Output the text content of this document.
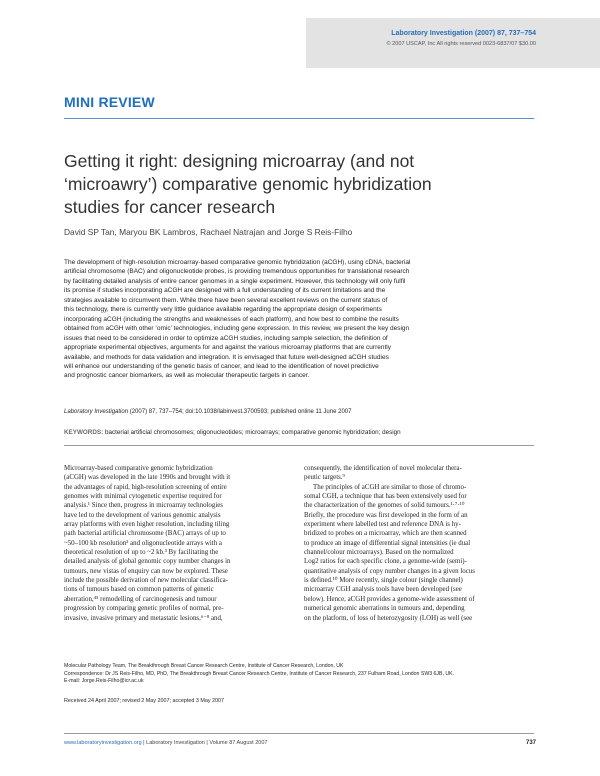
Laboratory Investigation (2007) 87, 737–754
© 2007 USCAP, Inc All rights reserved 0023-6837/07 $30.00
MINI REVIEW
Getting it right: designing microarray (and not
‘microawry’) comparative genomic hybridization
studies for cancer research
David SP Tan, Maryou BK Lambros, Rachael Natrajan and Jorge S Reis-Filho
The development of high-resolution microarray-based comparative genomic hybridization (aCGH), using cDNA, bacterial
artificial chromosome (BAC) and oligonucleotide probes, is providing tremendous opportunities for translational research
by facilitating detailed analysis of entire cancer genomes in a single experiment. However, this technology will only fulfil
its promise if studies incorporating aCGH are designed with a full understanding of its current limitations and the
strategies available to circumvent them. While there have been several excellent reviews on the current status of
this technology, there is currently very little guidance available regarding the appropriate design of experiments
incorporating aCGH (including the strengths and weaknesses of each platform), and how best to combine the results
obtained from aCGH with other ‘omic’ technologies, including gene expression. In this review, we present the key design
issues that need to be considered in order to optimize aCGH studies, including sample selection, the definition of
appropriate experimental objectives, arguments for and against the various microarray platforms that are currently
available, and methods for data validation and integration. It is envisaged that future well-designed aCGH studies
will enhance our understanding of the genetic basis of cancer, and lead to the identification of novel predictive
and prognostic cancer biomarkers, as well as molecular therapeutic targets in cancer.
Laboratory Investigation (2007) 87, 737–754; doi:10.1038/labinvest.3700593; published online 11 June 2007
KEYWORDS: bacterial artificial chromosomes; oligonucleotides; microarrays; comparative genomic hybridization; design
Microarray-based comparative genomic hybridization
(aCGH) was developed in the late 1990s and brought with it
the advantages of rapid, high-resolution screening of entire
genomes with minimal cytogenetic expertise required for
analysis.¹ Since then, progress in microarray technologies
have led to the development of various genomic analysis
array platforms with even higher resolution, including tiling
path bacterial artificial chromosome (BAC) arrays of up to
~50–100 kb resolution² and oligonucleotide arrays with a
theoretical resolution of up to ~2 kb.³ By facilitating the
detailed analysis of global genomic copy number changes in
tumours, new vistas of enquiry can now be explored. These
include the possible derivation of new molecular classifica-
tions of tumours based on common patterns of genetic
aberration,⁴⁵ remodelling of carcinogenesis and tumour
progression by comparing genetic profiles of normal, pre-
invasive, invasive primary and metastatic lesions,⁶⁻⁸ and,
consequently, the identification of novel molecular thera-
peutic targets.⁹
The principles of aCGH are similar to those of chromo-
somal CGH, a technique that has been extensively used for
the characterization of the genomes of solid tumours.¹·⁷·¹⁰
Briefly, the procedure was first developed in the form of an
experiment where labelled test and reference DNA is hy-
bridized to probes on a microarray, which are then scanned
to produce an image of differential signal intensities (ie dual
channel/colour microarrays). Based on the normalized
Log2 ratios for each specific clone, a genome-wide (semi)-
quantitative analysis of copy number changes in a given locus
is defined.¹⁰ More recently, single colour (single channel)
microarray CGH analysis tools have been developed (see
below). Hence, aCGH provides a genome-wide assessment of
numerical genomic aberrations in tumours and, depending
on the platform, of loss of heterozygosity (LOH) as well (see
Molecular Pathology Team, The Breakthrough Breast Cancer Research Centre, Institute of Cancer Research, London, UK
Correspondence: Dr JS Reis-Filho, MD, PhD, The Breakthrough Breast Cancer Research Centre, Institute of Cancer Research, 237 Fulham Road, London SW3 6JB, UK.
E-mail: Jorge.Reis-Filho@icr.ac.uk
Received 24 April 2007; revised 2 May 2007; accepted 3 May 2007
www.laboratoryinvestigation.org | Laboratory Investigation | Volume 87 August 2007	737
